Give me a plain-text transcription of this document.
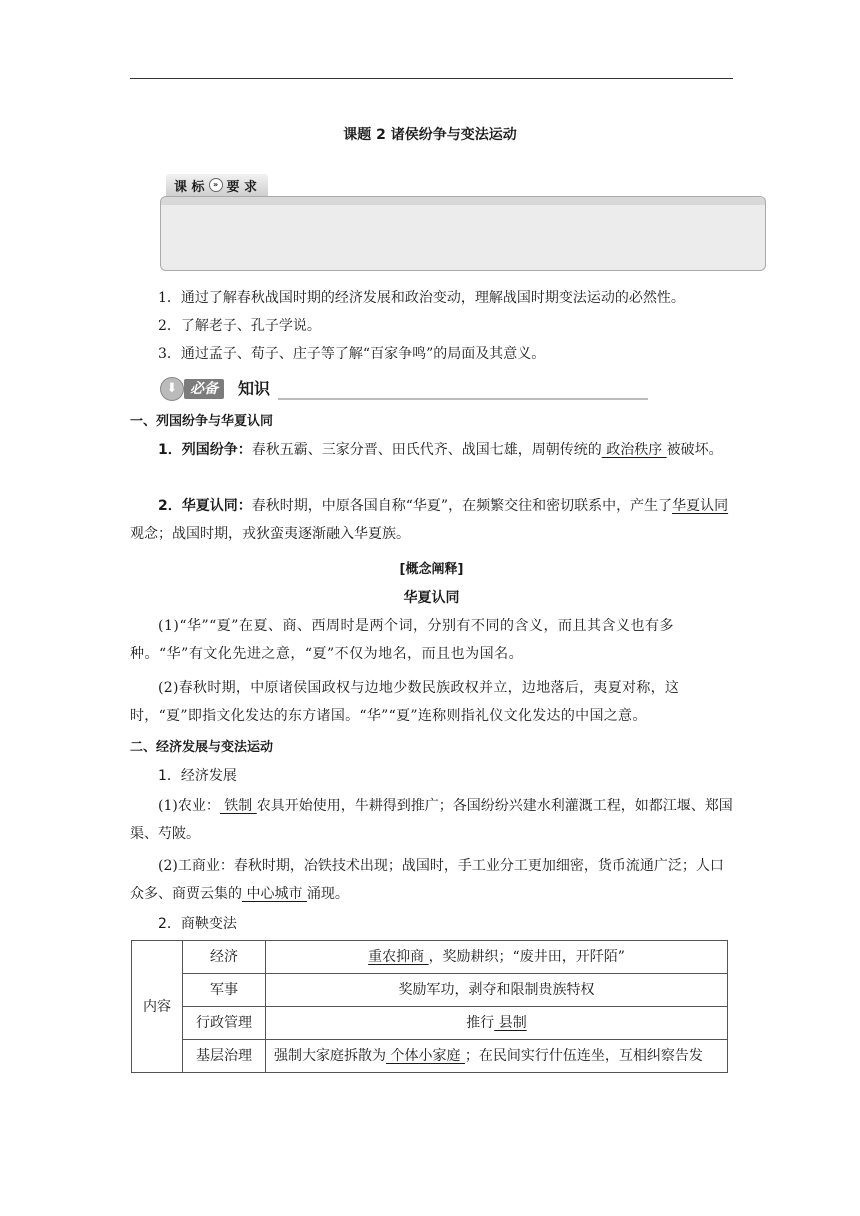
课题 2 诸侯纷争与变法运动
课 标	» 要 求
1．通过了解春秋战国时期的经济发展和政治变动，理解战国时期变法运动的必然性。
2．了解老子、孔子学说。
3．通过孟子、荀子、庄子等了解“百家争鸣”的局面及其意义。
⬇ 必备	知识
一、列国纷争与华夏认同
1．列国纷争：春秋五霸、三家分晋、田氏代齐、战国七雄，周朝传统的 政治秩序 被破坏。
2．华夏认同：春秋时期，中原各国自称“华夏”，在频繁交往和密切联系中，产生了华夏认同 观念；战国时期，戎狄蛮夷逐渐融入华夏族。
[概念阐释]
华夏认同
(1)“华”“夏”在夏、商、西周时是两个词，分别有不同的含义，而且其含义也有多种。“华”有文化先进之意，“夏”不仅为地名，而且也为国名。
(2)春秋时期，中原诸侯国政权与边地少数民族政权并立，边地落后，夷夏对称，这时，“夏”即指文化发达的东方诸国。“华”“夏”连称则指礼仪文化发达的中国之意。
二、经济发展与变法运动
1．经济发展
(1)农业： 铁制 农具开始使用，牛耕得到推广；各国纷纷兴建水利灌溉工程，如都江堰、郑国渠、芍陂。
(2)工商业：春秋时期，冶铁技术出现；战国时，手工业分工更加细密，货币流通广泛；人口众多、商贾云集的 中心城市 涌现。
2．商鞅变法
内容	经济	重农抑商 ，奖励耕织；“废井田，开阡陌”
	军事	奖励军功，剥夺和限制贵族特权
	行政管理	推行 县制
	基层治理	强制大家庭拆散为 个体小家庭 ；在民间实行什伍连坐，互相纠察告发
